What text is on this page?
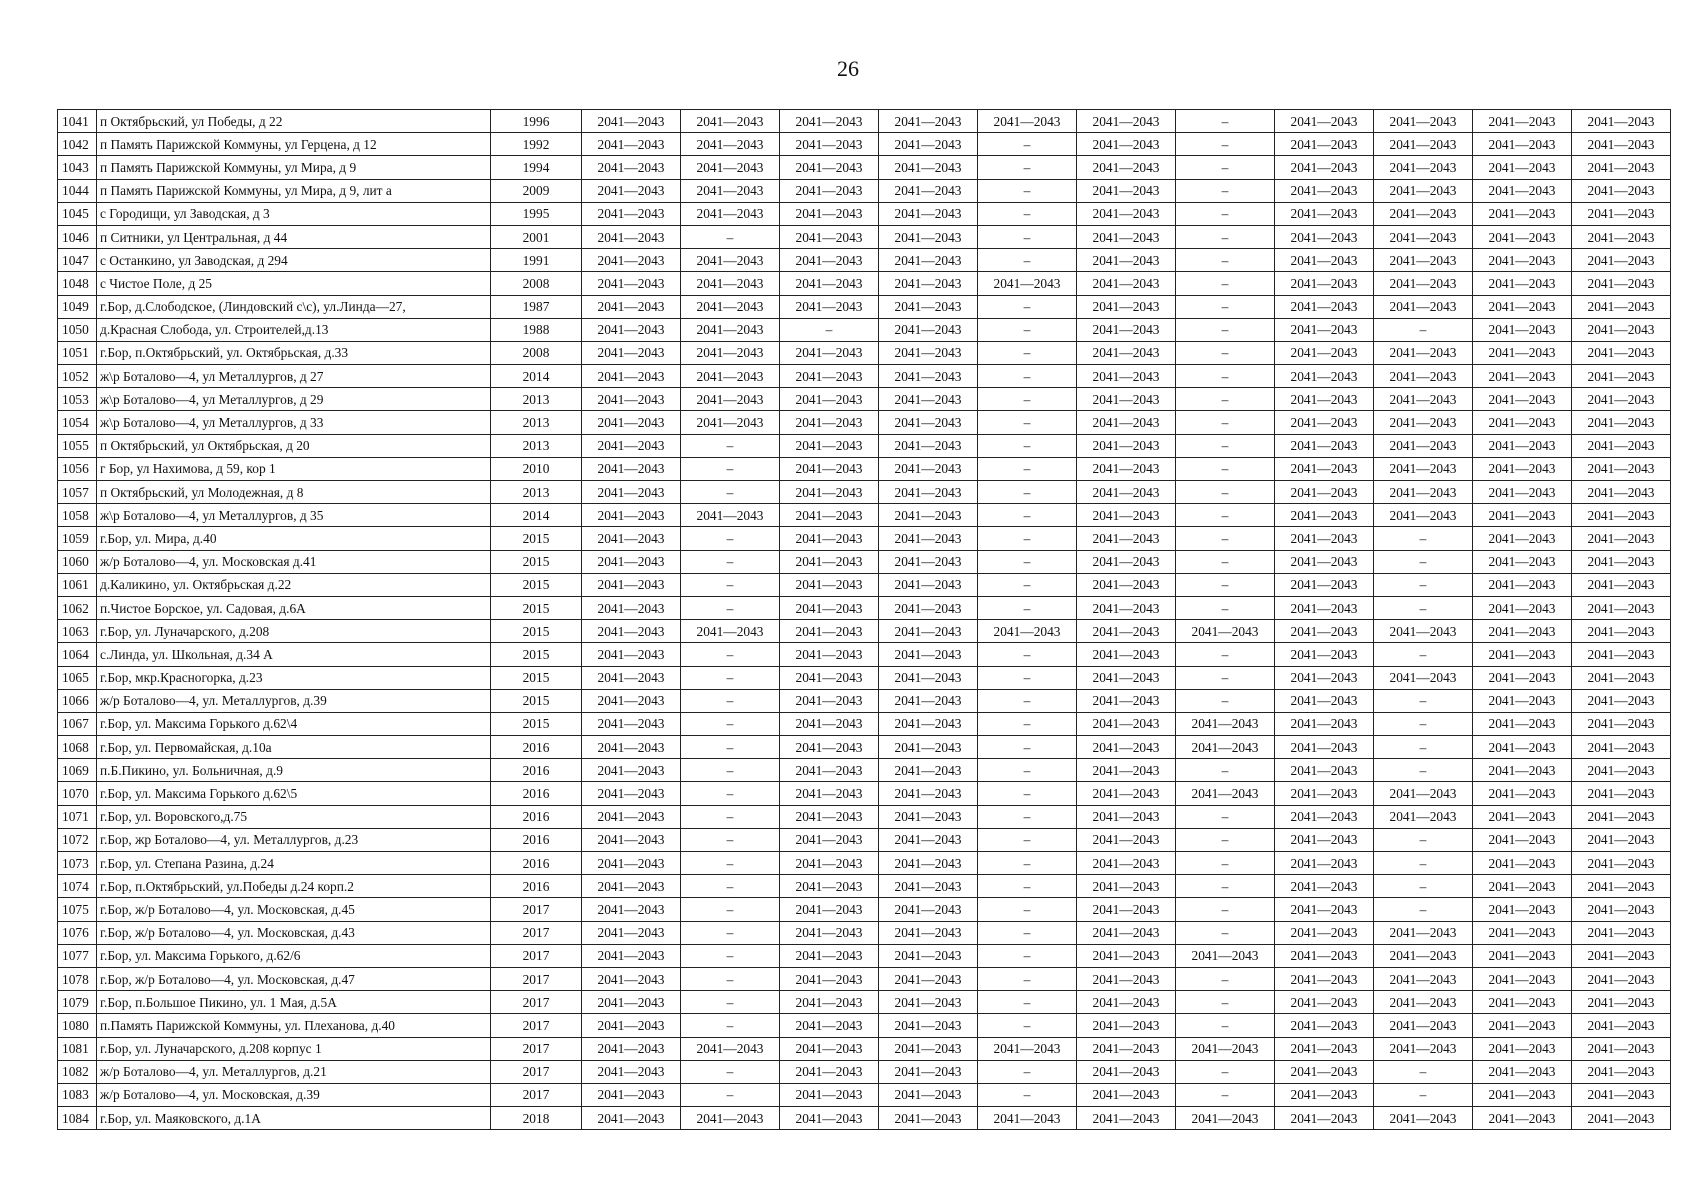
26
1041	п Октябрьский, ул Победы, д 22	1996	2041—2043	2041—2043	2041—2043	2041—2043	2041—2043	2041—2043	–	2041—2043	2041—2043	2041—2043	2041—2043
1042	п Память Парижской Коммуны, ул Герцена, д 12	1992	2041—2043	2041—2043	2041—2043	2041—2043	–	2041—2043	–	2041—2043	2041—2043	2041—2043	2041—2043
1043	п Память Парижской Коммуны, ул Мира, д 9	1994	2041—2043	2041—2043	2041—2043	2041—2043	–	2041—2043	–	2041—2043	2041—2043	2041—2043	2041—2043
1044	п Память Парижской Коммуны, ул Мира, д 9, лит а	2009	2041—2043	2041—2043	2041—2043	2041—2043	–	2041—2043	–	2041—2043	2041—2043	2041—2043	2041—2043
1045	с Городищи, ул Заводская, д 3	1995	2041—2043	2041—2043	2041—2043	2041—2043	–	2041—2043	–	2041—2043	2041—2043	2041—2043	2041—2043
1046	п Ситники, ул Центральная, д 44	2001	2041—2043	–	2041—2043	2041—2043	–	2041—2043	–	2041—2043	2041—2043	2041—2043	2041—2043
1047	с Останкино, ул Заводская, д 294	1991	2041—2043	2041—2043	2041—2043	2041—2043	–	2041—2043	–	2041—2043	2041—2043	2041—2043	2041—2043
1048	с Чистое Поле, д 25	2008	2041—2043	2041—2043	2041—2043	2041—2043	2041—2043	2041—2043	–	2041—2043	2041—2043	2041—2043	2041—2043
1049	г.Бор, д.Слободское, (Линдовский с\с), ул.Линда—27,	1987	2041—2043	2041—2043	2041—2043	2041—2043	–	2041—2043	–	2041—2043	2041—2043	2041—2043	2041—2043
1050	д.Красная Слобода, ул. Строителей,д.13	1988	2041—2043	2041—2043	–	2041—2043	–	2041—2043	–	2041—2043	–	2041—2043	2041—2043
1051	г.Бор, п.Октябрьский, ул. Октябрьская, д.33	2008	2041—2043	2041—2043	2041—2043	2041—2043	–	2041—2043	–	2041—2043	2041—2043	2041—2043	2041—2043
1052	ж\р Боталово—4, ул Металлургов, д 27	2014	2041—2043	2041—2043	2041—2043	2041—2043	–	2041—2043	–	2041—2043	2041—2043	2041—2043	2041—2043
1053	ж\р Боталово—4, ул Металлургов, д 29	2013	2041—2043	2041—2043	2041—2043	2041—2043	–	2041—2043	–	2041—2043	2041—2043	2041—2043	2041—2043
1054	ж\р Боталово—4, ул Металлургов, д 33	2013	2041—2043	2041—2043	2041—2043	2041—2043	–	2041—2043	–	2041—2043	2041—2043	2041—2043	2041—2043
1055	п Октябрьский, ул Октябрьская, д 20	2013	2041—2043	–	2041—2043	2041—2043	–	2041—2043	–	2041—2043	2041—2043	2041—2043	2041—2043
1056	г Бор, ул Нахимова, д 59, кор 1	2010	2041—2043	–	2041—2043	2041—2043	–	2041—2043	–	2041—2043	2041—2043	2041—2043	2041—2043
1057	п Октябрьский, ул Молодежная, д 8	2013	2041—2043	–	2041—2043	2041—2043	–	2041—2043	–	2041—2043	2041—2043	2041—2043	2041—2043
1058	ж\р Боталово—4, ул Металлургов, д 35	2014	2041—2043	2041—2043	2041—2043	2041—2043	–	2041—2043	–	2041—2043	2041—2043	2041—2043	2041—2043
1059	г.Бор, ул. Мира, д.40	2015	2041—2043	–	2041—2043	2041—2043	–	2041—2043	–	2041—2043	–	2041—2043	2041—2043
1060	ж/р Боталово—4, ул. Московская д.41	2015	2041—2043	–	2041—2043	2041—2043	–	2041—2043	–	2041—2043	–	2041—2043	2041—2043
1061	д.Каликино, ул. Октябрьская д.22	2015	2041—2043	–	2041—2043	2041—2043	–	2041—2043	–	2041—2043	–	2041—2043	2041—2043
1062	п.Чистое Борское, ул. Садовая, д.6А	2015	2041—2043	–	2041—2043	2041—2043	–	2041—2043	–	2041—2043	–	2041—2043	2041—2043
1063	г.Бор, ул. Луначарского, д.208	2015	2041—2043	2041—2043	2041—2043	2041—2043	2041—2043	2041—2043	2041—2043	2041—2043	2041—2043	2041—2043	2041—2043
1064	с.Линда, ул. Школьная, д.34 А	2015	2041—2043	–	2041—2043	2041—2043	–	2041—2043	–	2041—2043	–	2041—2043	2041—2043
1065	г.Бор, мкр.Красногорка, д.23	2015	2041—2043	–	2041—2043	2041—2043	–	2041—2043	–	2041—2043	2041—2043	2041—2043	2041—2043
1066	ж/р Боталово—4, ул. Металлургов, д.39	2015	2041—2043	–	2041—2043	2041—2043	–	2041—2043	–	2041—2043	–	2041—2043	2041—2043
1067	г.Бор, ул. Максима Горького д.62\4	2015	2041—2043	–	2041—2043	2041—2043	–	2041—2043	2041—2043	2041—2043	–	2041—2043	2041—2043
1068	г.Бор, ул. Первомайская, д.10а	2016	2041—2043	–	2041—2043	2041—2043	–	2041—2043	2041—2043	2041—2043	–	2041—2043	2041—2043
1069	п.Б.Пикино, ул. Больничная, д.9	2016	2041—2043	–	2041—2043	2041—2043	–	2041—2043	–	2041—2043	–	2041—2043	2041—2043
1070	г.Бор, ул. Максима Горького д.62\5	2016	2041—2043	–	2041—2043	2041—2043	–	2041—2043	2041—2043	2041—2043	2041—2043	2041—2043	2041—2043
1071	г.Бор, ул. Воровского,д.75	2016	2041—2043	–	2041—2043	2041—2043	–	2041—2043	–	2041—2043	2041—2043	2041—2043	2041—2043
1072	г.Бор, жр Боталово—4, ул. Металлургов, д.23	2016	2041—2043	–	2041—2043	2041—2043	–	2041—2043	–	2041—2043	–	2041—2043	2041—2043
1073	г.Бор, ул. Степана Разина, д.24	2016	2041—2043	–	2041—2043	2041—2043	–	2041—2043	–	2041—2043	–	2041—2043	2041—2043
1074	г.Бор, п.Октябрьский, ул.Победы д.24 корп.2	2016	2041—2043	–	2041—2043	2041—2043	–	2041—2043	–	2041—2043	–	2041—2043	2041—2043
1075	г.Бор, ж/р Боталово—4, ул. Московская, д.45	2017	2041—2043	–	2041—2043	2041—2043	–	2041—2043	–	2041—2043	–	2041—2043	2041—2043
1076	г.Бор, ж/р Боталово—4, ул. Московская, д.43	2017	2041—2043	–	2041—2043	2041—2043	–	2041—2043	–	2041—2043	2041—2043	2041—2043	2041—2043
1077	г.Бор, ул. Максима Горького, д.62/6	2017	2041—2043	–	2041—2043	2041—2043	–	2041—2043	2041—2043	2041—2043	2041—2043	2041—2043	2041—2043
1078	г.Бор, ж/р Боталово—4, ул. Московская, д.47	2017	2041—2043	–	2041—2043	2041—2043	–	2041—2043	–	2041—2043	2041—2043	2041—2043	2041—2043
1079	г.Бор, п.Большое Пикино, ул. 1 Мая, д.5А	2017	2041—2043	–	2041—2043	2041—2043	–	2041—2043	–	2041—2043	2041—2043	2041—2043	2041—2043
1080	п.Память Парижской Коммуны, ул. Плеханова, д.40	2017	2041—2043	–	2041—2043	2041—2043	–	2041—2043	–	2041—2043	2041—2043	2041—2043	2041—2043
1081	г.Бор, ул. Луначарского, д.208 корпус 1	2017	2041—2043	2041—2043	2041—2043	2041—2043	2041—2043	2041—2043	2041—2043	2041—2043	2041—2043	2041—2043	2041—2043
1082	ж/р Боталово—4, ул. Металлургов, д.21	2017	2041—2043	–	2041—2043	2041—2043	–	2041—2043	–	2041—2043	–	2041—2043	2041—2043
1083	ж/р Боталово—4, ул. Московская, д.39	2017	2041—2043	–	2041—2043	2041—2043	–	2041—2043	–	2041—2043	–	2041—2043	2041—2043
1084	г.Бор, ул. Маяковского, д.1А	2018	2041—2043	2041—2043	2041—2043	2041—2043	2041—2043	2041—2043	2041—2043	2041—2043	2041—2043	2041—2043	2041—2043
